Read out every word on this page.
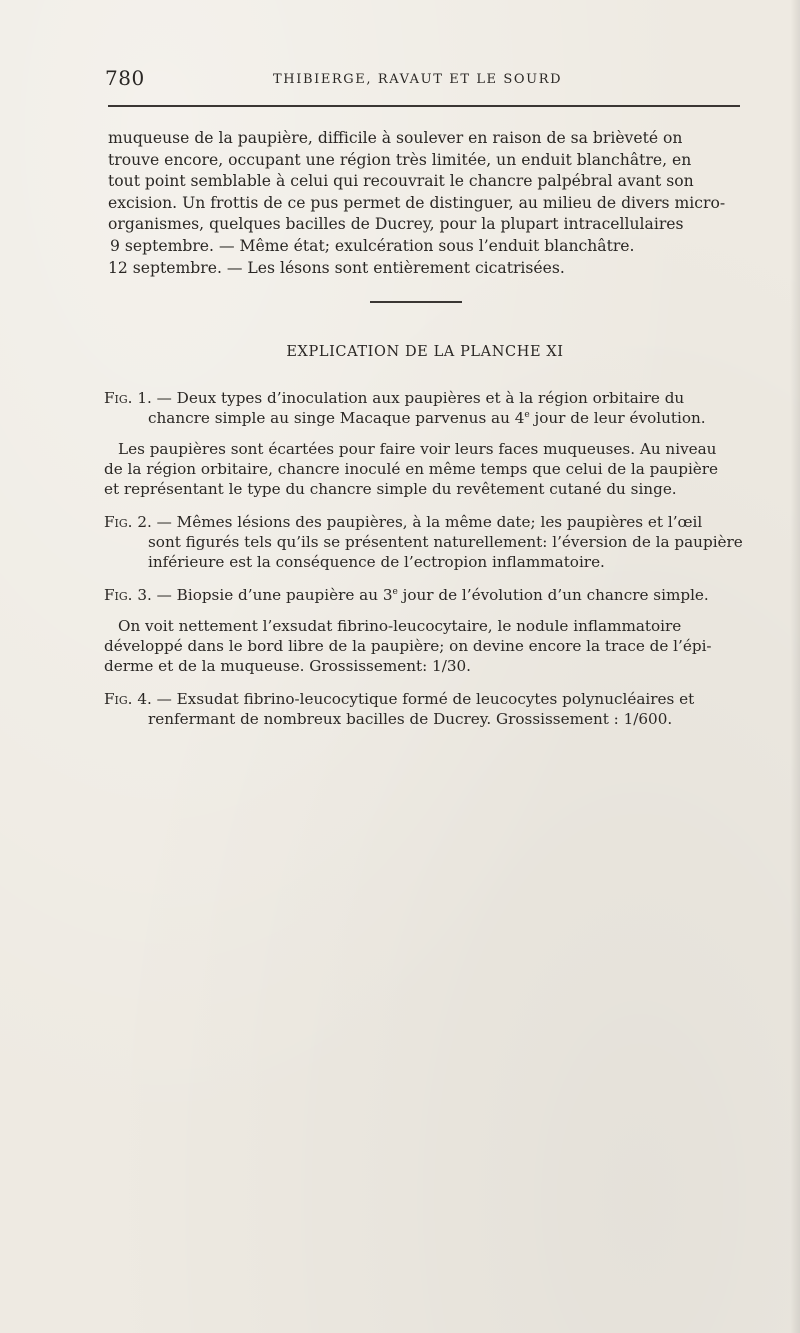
780	THIBIERGE, RAVAUT ET LE SOURD
muqueuse de la paupière, difficile à soulever en raison de sa brièveté on
trouve encore, occupant une région très limitée, un enduit blanchâtre, en
tout point semblable à celui qui recouvrait le chancre palpébral avant son
excision. Un frottis de ce pus permet de distinguer, au milieu de divers micro-
organismes, quelques bacilles de Ducrey, pour la plupart intracellulaires
9 septembre. — Même état; exulcération sous l’enduit blanchâtre.
12 septembre. — Les lésons sont entièrement cicatrisées.
EXPLICATION DE LA PLANCHE XI
Fig. 1. — Deux types d’inoculation aux paupières et à la région orbitaire du
chancre simple au singe Macaque parvenus au 4e jour de leur évolution.
Les paupières sont écartées pour faire voir leurs faces muqueuses. Au niveau
de la région orbitaire, chancre inoculé en même temps que celui de la paupière
et représentant le type du chancre simple du revêtement cutané du singe.
Fig. 2. — Mêmes lésions des paupières, à la même date; les paupières et l’œil
sont figurés tels qu’ils se présentent naturellement: l’éversion de la paupière
inférieure est la conséquence de l’ectropion inflammatoire.
Fig. 3. — Biopsie d’une paupière au 3e jour de l’évolution d’un chancre simple.
On voit nettement l’exsudat fibrino-leucocytaire, le nodule inflammatoire
développé dans le bord libre de la paupière; on devine encore la trace de l’épi-
derme et de la muqueuse. Grossissement: 1/30.
Fig. 4. — Exsudat fibrino-leucocytique formé de leucocytes polynucléaires et
renfermant de nombreux bacilles de Ducrey. Grossissement : 1/600.
